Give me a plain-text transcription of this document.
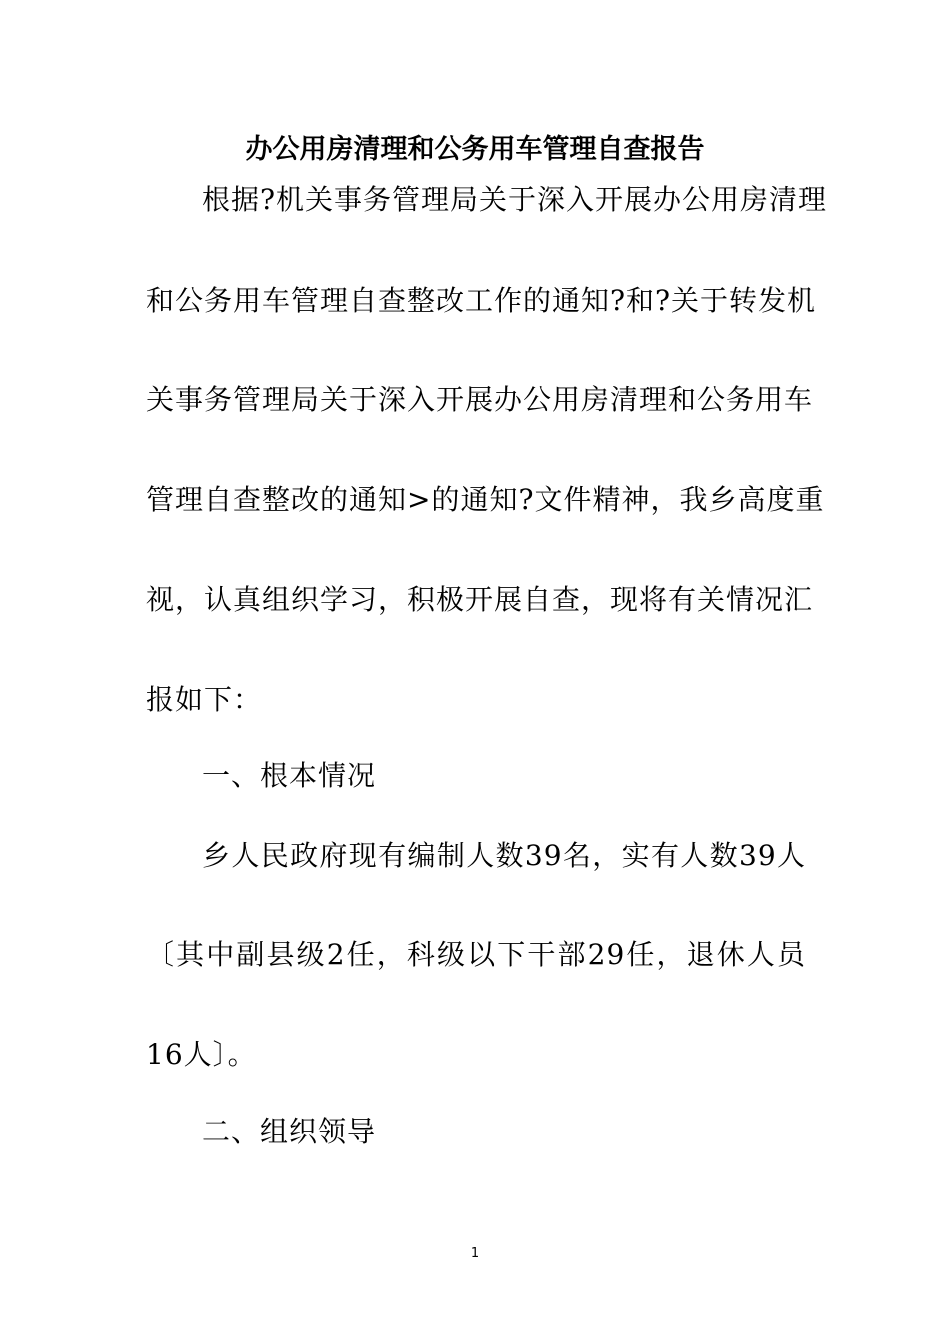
办公用房清理和公务用车管理自查报告
根据?机关事务管理局关于深入开展办公用房清理
和公务用车管理自查整改工作的通知?和?关于转发机
关事务管理局关于深入开展办公用房清理和公务用车
管理自查整改的通知>的通知?文件精神，我乡高度重
视，认真组织学习，积极开展自查，现将有关情况汇
报如下：
一、根本情况
乡人民政府现有编制人数39名，实有人数39人
〔其中副县级2任，科级以下干部29任，退休人员
16人〕。
二、组织领导
1
